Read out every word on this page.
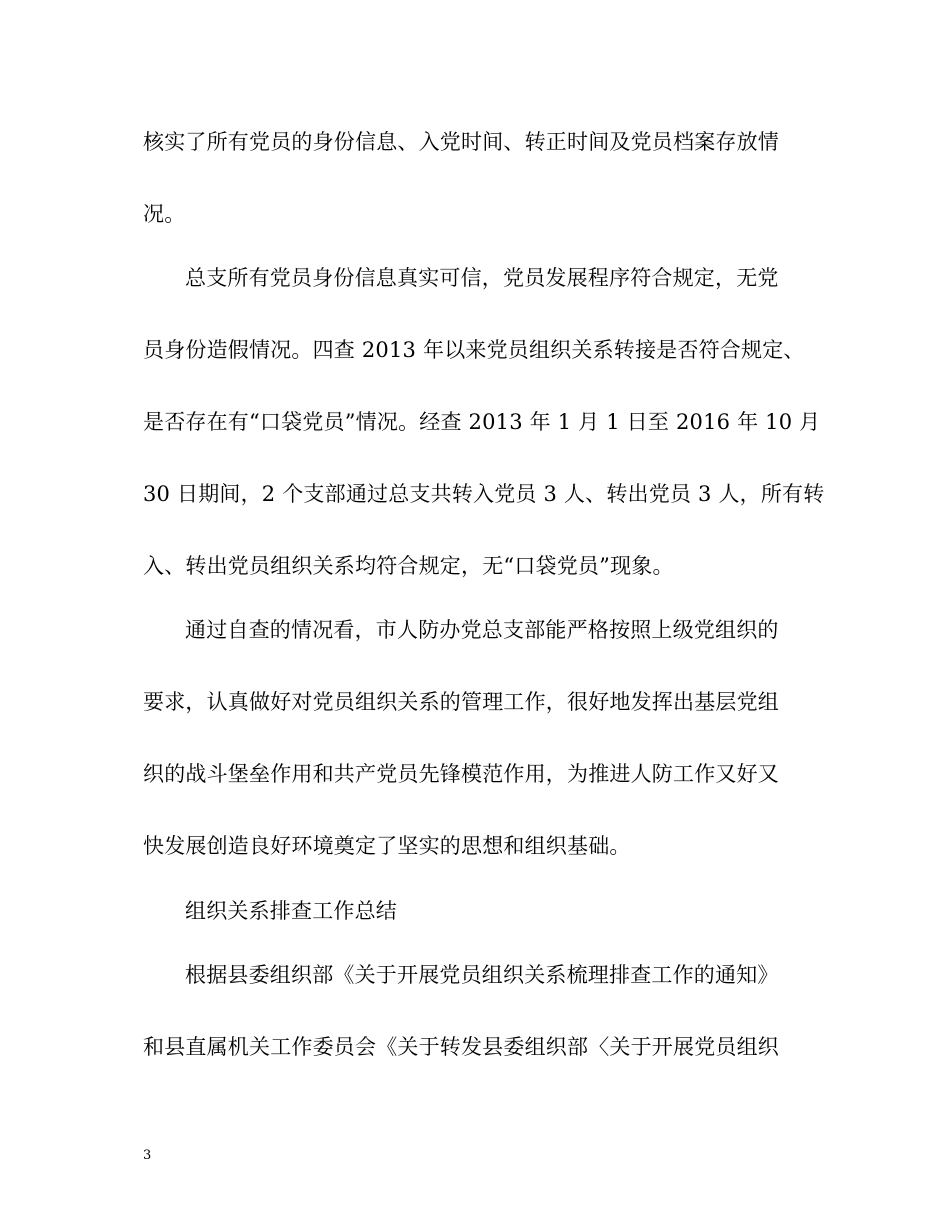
核实了所有党员的身份信息、入党时间、转正时间及党员档案存放情
况。
总支所有党员身份信息真实可信，党员发展程序符合规定，无党
员身份造假情况。四查 2013 年以来党员组织关系转接是否符合规定、
是否存在有“口袋党员”情况。经查 2013 年 1 月 1 日至 2016 年 10 月
30 日期间，2 个支部通过总支共转入党员 3 人、转出党员 3 人，所有转
入、转出党员组织关系均符合规定，无“口袋党员”现象。
通过自查的情况看，市人防办党总支部能严格按照上级党组织的
要求，认真做好对党员组织关系的管理工作，很好地发挥出基层党组
织的战斗堡垒作用和共产党员先锋模范作用，为推进人防工作又好又
快发展创造良好环境奠定了坚实的思想和组织基础。
组织关系排查工作总结
根据县委组织部《关于开展党员组织关系梳理排查工作的通知》
和县直属机关工作委员会《关于转发县委组织部〈关于开展党员组织
3
